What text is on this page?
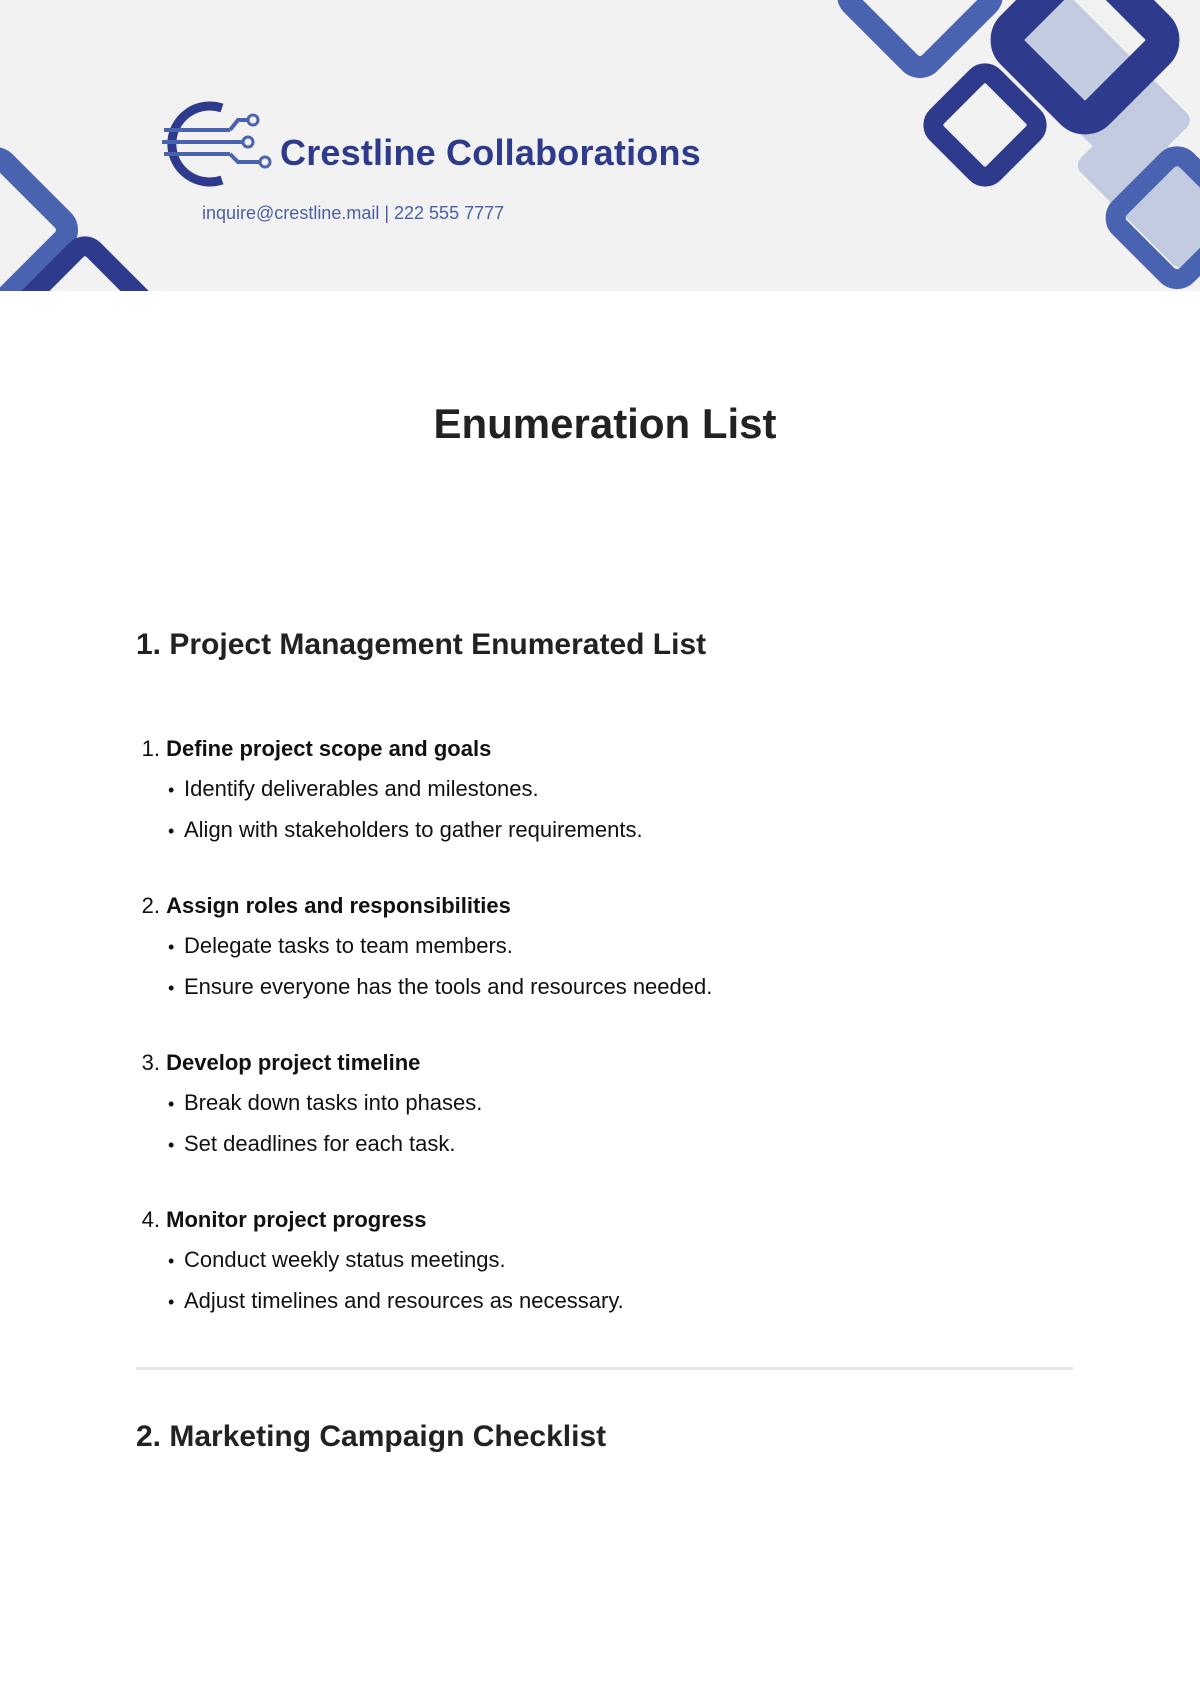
Crestline Collaborations
inquire@crestline.mail | 222 555 7777
Enumeration List
1. Project Management Enumerated List
1. Define project scope and goals
• Identify deliverables and milestones.
• Align with stakeholders to gather requirements.
2. Assign roles and responsibilities
• Delegate tasks to team members.
• Ensure everyone has the tools and resources needed.
3. Develop project timeline
• Break down tasks into phases.
• Set deadlines for each task.
4. Monitor project progress
• Conduct weekly status meetings.
• Adjust timelines and resources as necessary.
2. Marketing Campaign Checklist
